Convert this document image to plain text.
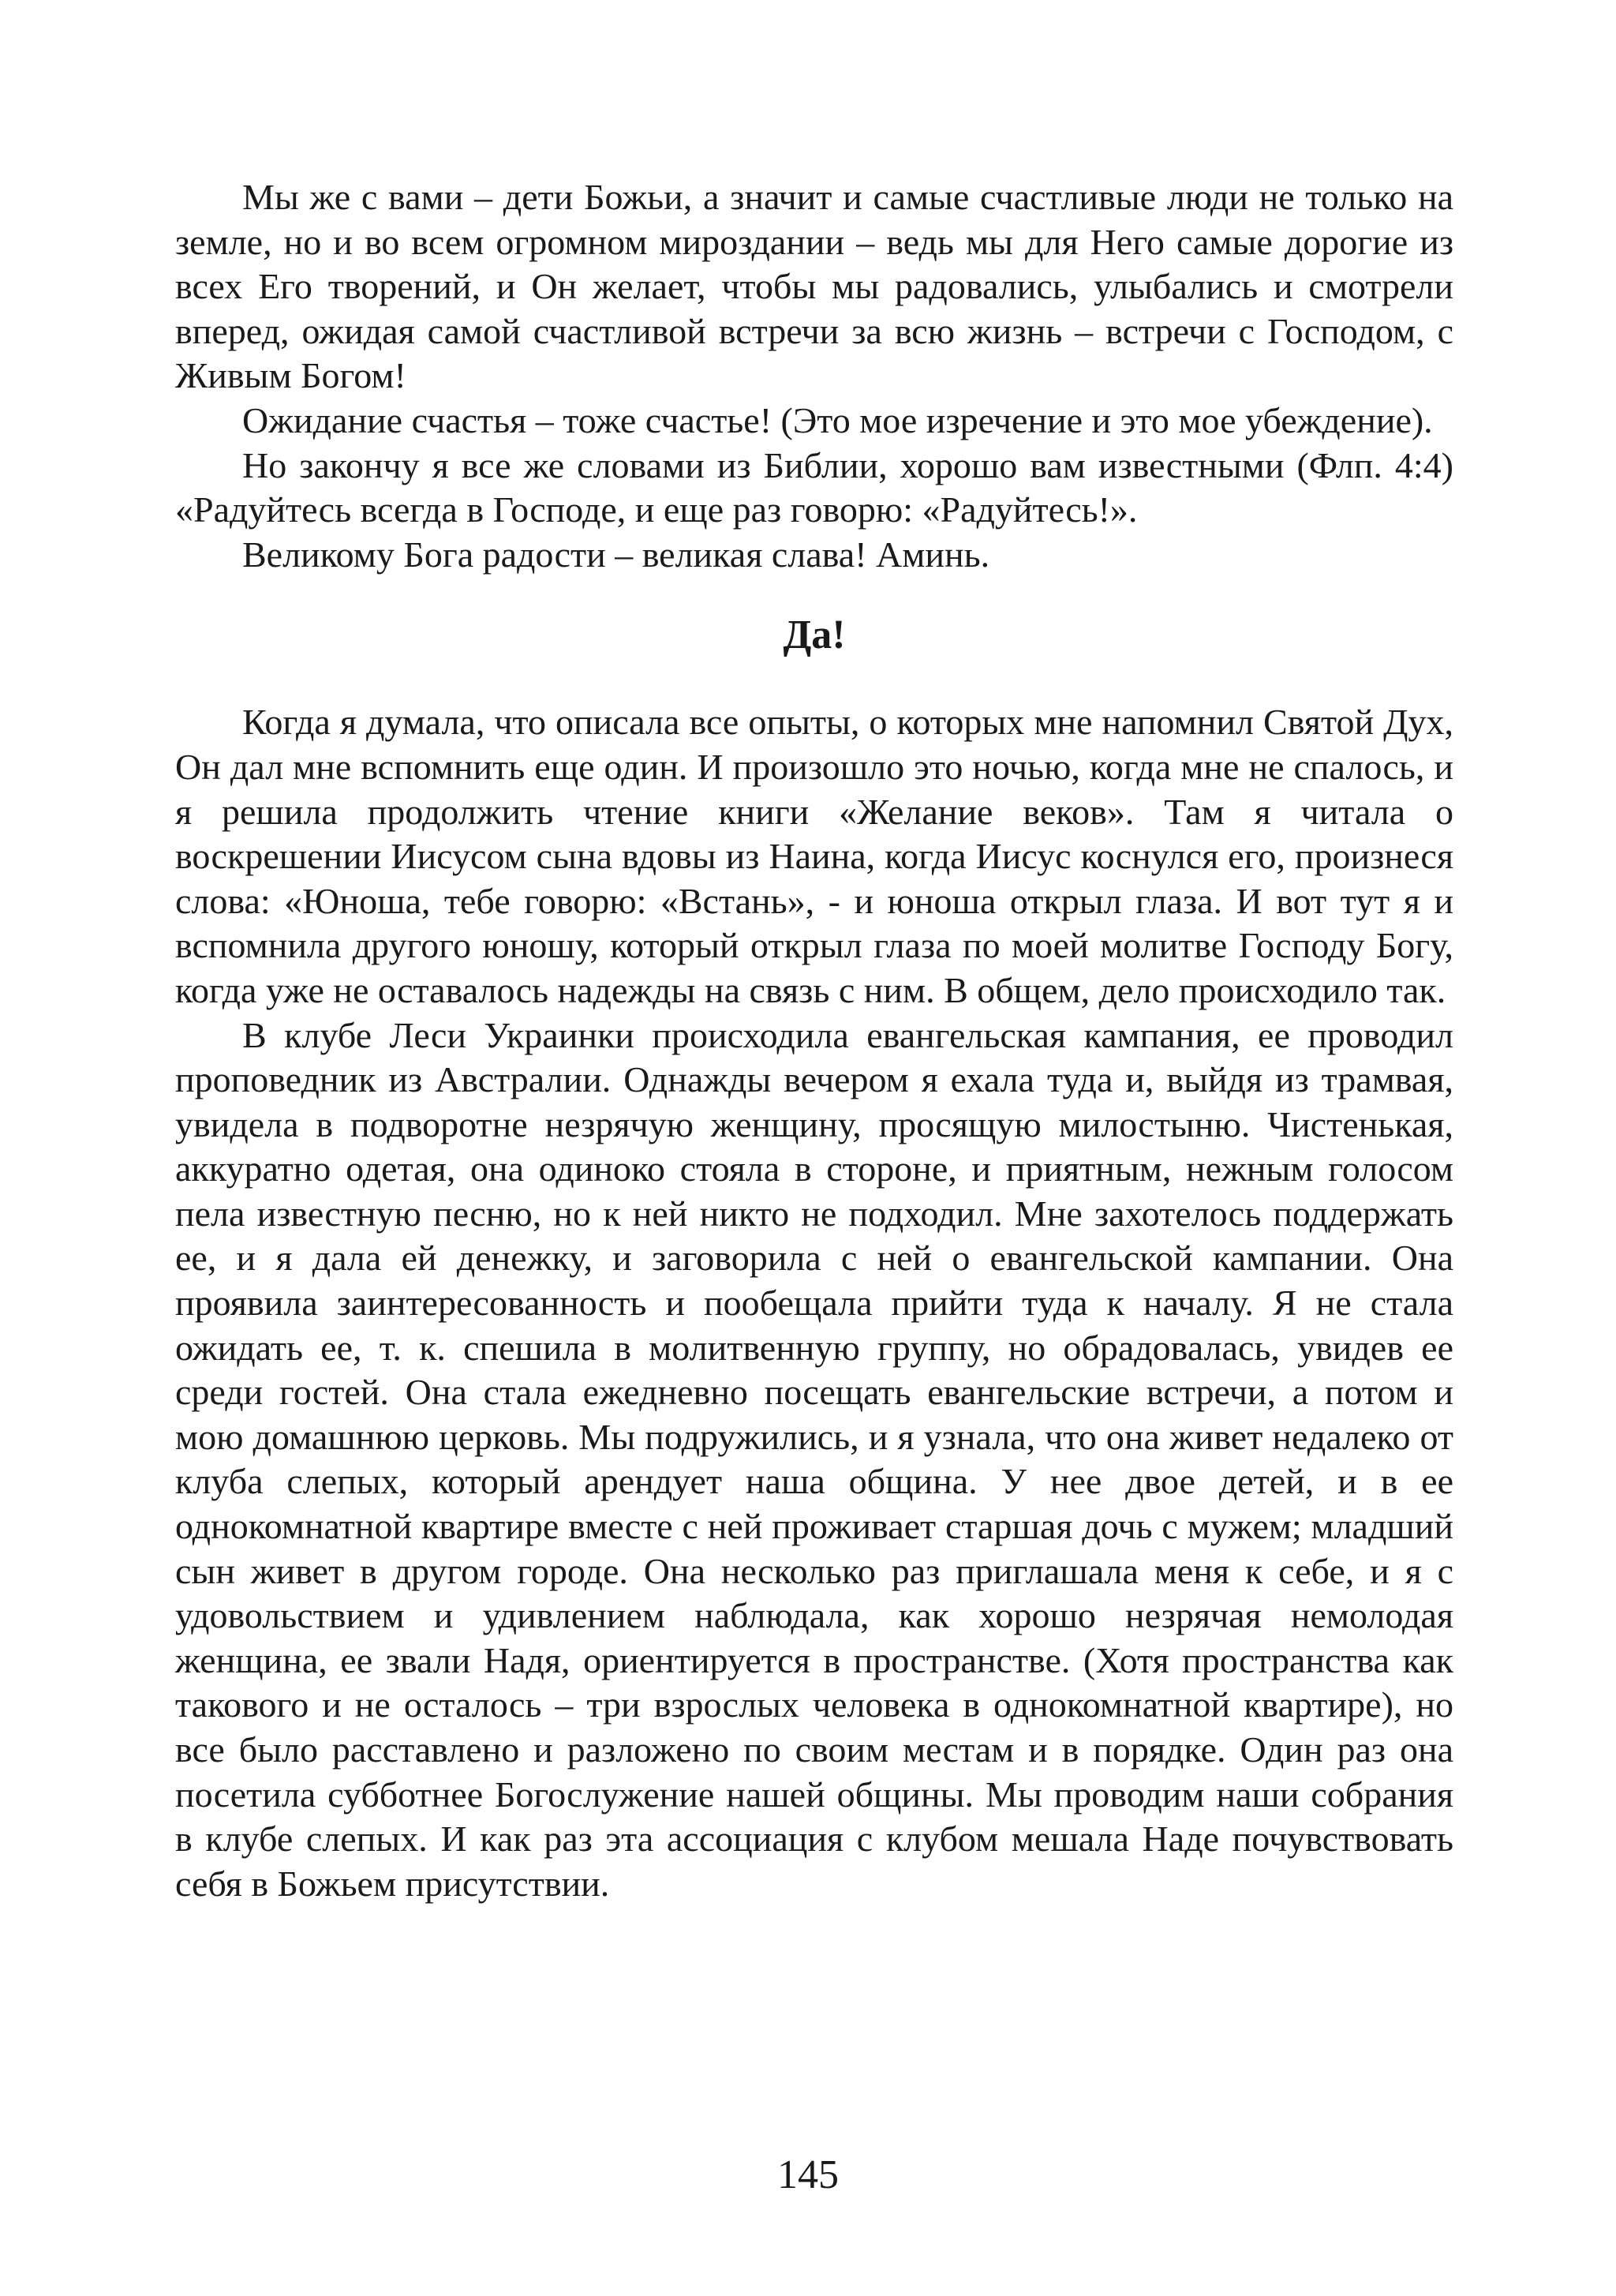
Мы же с вами – дети Божьи, а значит и самые счастливые люди не только на земле, но и во всем огромном мироздании – ведь мы для Него самые дорогие из всех Его творений, и Он желает, чтобы мы радовались, улыбались и смотрели вперед, ожидая самой счастливой встречи за всю жизнь – встречи с Господом, с Живым Богом!

Ожидание счастья – тоже счастье! (Это мое изречение и это мое убеждение).

Но закончу я все же словами из Библии, хорошо вам известными (Флп. 4:4) «Радуйтесь всегда в Господе, и еще раз говорю: «Радуйтесь!».

Великому Бога радости – великая слава! Аминь.

Да!

Когда я думала, что описала все опыты, о которых мне напомнил Святой Дух, Он дал мне вспомнить еще один. И произошло это ночью, когда мне не спалось, и я решила продолжить чтение книги «Желание веков». Там я читала о воскрешении Иисусом сына вдовы из Наина, когда Иисус коснулся его, произнеся слова: «Юноша, тебе говорю: «Встань», - и юноша открыл глаза. И вот тут я и вспомнила другого юношу, который открыл глаза по моей молитве Господу Богу, когда уже не оставалось надежды на связь с ним. В общем, дело происходило так.

В клубе Леси Украинки происходила евангельская кампания, ее проводил проповедник из Австралии. Однажды вечером я ехала туда и, выйдя из трамвая, увидела в подворотне незрячую женщину, просящую милостыню. Чистенькая, аккуратно одетая, она одиноко стояла в стороне, и приятным, нежным голосом пела известную песню, но к ней никто не подходил. Мне захотелось поддержать ее, и я дала ей денежку, и заговорила с ней о евангельской кампании. Она проявила заинтересованность и пообещала прийти туда к началу. Я не стала ожидать ее, т. к. спешила в молитвенную группу, но обрадовалась, увидев ее среди гостей. Она стала ежедневно посещать евангельские встречи, а потом и мою домашнюю церковь. Мы подружились, и я узнала, что она живет недалеко от клуба слепых, который арендует наша община. У нее двое детей, и в ее однокомнатной квартире вместе с ней проживает старшая дочь с мужем; младший сын живет в другом городе. Она несколько раз приглашала меня к себе, и я с удовольствием и удивлением наблюдала, как хорошо незрячая немолодая женщина, ее звали Надя, ориентируется в пространстве. (Хотя пространства как такового и не осталось – три взрослых человека в однокомнатной квартире), но все было расставлено и разложено по своим местам и в порядке. Один раз она посетила субботнее Богослужение нашей общины. Мы проводим наши собрания в клубе слепых. И как раз эта ассоциация с клубом мешала Наде почувствовать себя в Божьем присутствии.

145
